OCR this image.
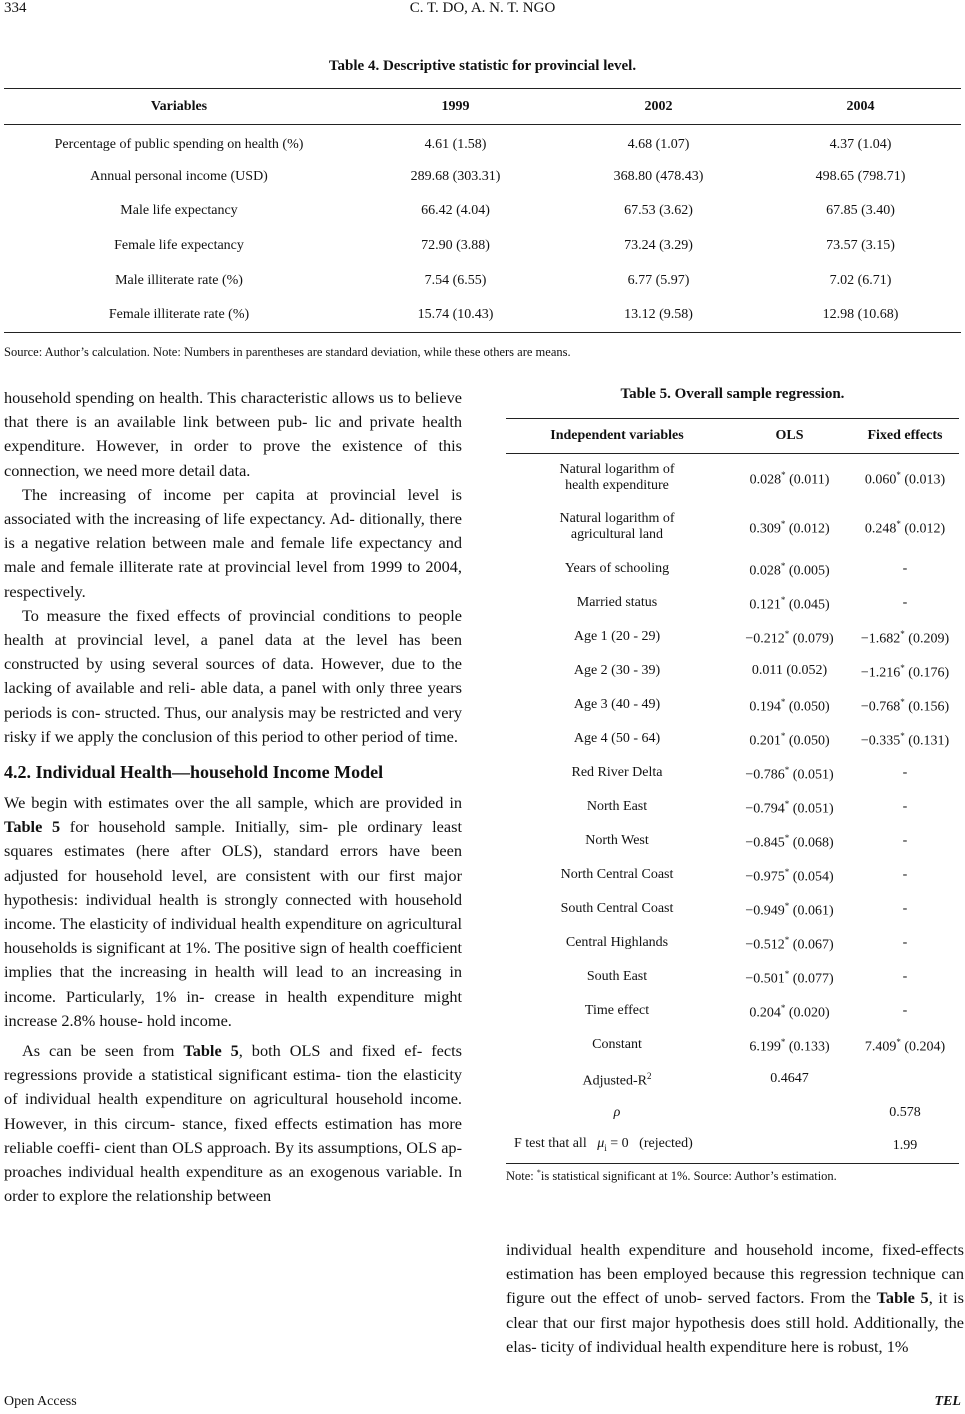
334	C. T. DO, A. N. T. NGO
Table 4. Descriptive statistic for provincial level.
Variables	1999	2002	2004
Percentage of public spending on health (%)	4.61 (1.58)	4.68 (1.07)	4.37 (1.04)
Annual personal income (USD)	289.68 (303.31)	368.80 (478.43)	498.65 (798.71)
Male life expectancy	66.42 (4.04)	67.53 (3.62)	67.85 (3.40)
Female life expectancy	72.90 (3.88)	73.24 (3.29)	73.57 (3.15)
Male illiterate rate (%)	7.54 (6.55)	6.77 (5.97)	7.02 (6.71)
Female illiterate rate (%)	15.74 (10.43)	13.12 (9.58)	12.98 (10.68)
Source: Author’s calculation. Note: Numbers in parentheses are standard deviation, while these others are means.

household spending on health. This characteristic allows us to believe that there is an available link between pub- lic and private health expenditure. However, in order to prove the existence of this connection, we need more detail data.

The increasing of income per capita at provincial level is associated with the increasing of life expectancy. Ad- ditionally, there is a negative relation between male and female life expectancy and male and female illiterate rate at provincial level from 1999 to 2004, respectively.

To measure the fixed effects of provincial conditions to people health at provincial level, a panel data at the level has been constructed by using several sources of data. However, due to the lacking of available and reli- able data, a panel with only three years periods is con- structed. Thus, our analysis may be restricted and very risky if we apply the conclusion of this period to other period of time.

4.2. Individual Health—household Income Model

We begin with estimates over the all sample, which are provided in Table 5 for household sample. Initially, sim- ple ordinary least squares estimates (here after OLS), standard errors have been adjusted for household level, are consistent with our first major hypothesis: individual health is strongly connected with household income. The elasticity of individual health expenditure on agricultural households is significant at 1%. The positive sign of health coefficient implies that the increasing in health will lead to an increasing in income. Particularly, 1% in- crease in health expenditure might increase 2.8% house- hold income.

As can be seen from Table 5, both OLS and fixed ef- fects regressions provide a statistical significant estima- tion the elasticity of individual health expenditure on agricultural household income. However, in this circum- stance, fixed effects estimation has more reliable coeffi- cient than OLS approach. By its assumptions, OLS ap- proaches individual health expenditure as an exogenous variable. In order to explore the relationship between

Table 5. Overall sample regression.
Independent variables	OLS	Fixed effects
Natural logarithm of
health expenditure	0.028* (0.011)	0.060* (0.013)
Natural logarithm of
agricultural land	0.309* (0.012)	0.248* (0.012)
Years of schooling	0.028* (0.005)	-
Married status	0.121* (0.045)	-
Age 1 (20 - 29)	−0.212* (0.079)	−1.682* (0.209)
Age 2 (30 - 39)	0.011 (0.052)	−1.216* (0.176)
Age 3 (40 - 49)	0.194* (0.050)	−0.768* (0.156)
Age 4 (50 - 64)	0.201* (0.050)	−0.335* (0.131)
Red River Delta	−0.786* (0.051)	-
North East	−0.794* (0.051)	-
North West	−0.845* (0.068)	-
North Central Coast	−0.975* (0.054)	-
South Central Coast	−0.949* (0.061)	-
Central Highlands	−0.512* (0.067)	-
South East	−0.501* (0.077)	-
Time effect	0.204* (0.020)	-
Constant	6.199* (0.133)	7.409* (0.204)
Adjusted-$R^2$	0.4647	
ρ		0.578
F test that all $\mu_i = 0$ (rejected)		1.99
Note: *is statistical significant at 1%. Source: Author’s estimation.

individual health expenditure and household income, fixed-effects estimation has been employed because this regression technique can figure out the effect of unob- served factors. From the Table 5, it is clear that our first major hypothesis does still hold. Additionally, the elas- ticity of individual health expenditure here is robust, 1%

Open Access	TEL
